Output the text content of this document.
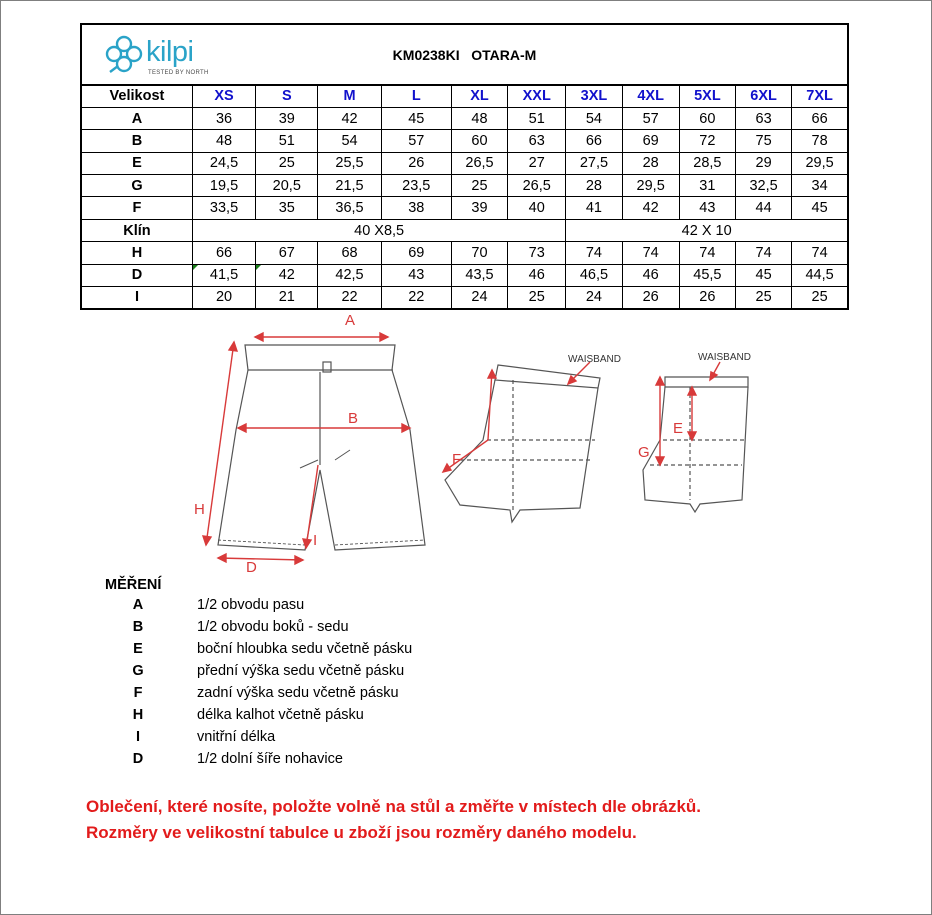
kilpi
TESTED BY NORTH
KM0238KI   OTARA-M
Velikost	XS	S	M	L	XL	XXL	3XL	4XL	5XL	6XL	7XL
A	36	39	42	45	48	51	54	57	60	63	66
B	48	51	54	57	60	63	66	69	72	75	78
E	24,5	25	25,5	26	26,5	27	27,5	28	28,5	29	29,5
G	19,5	20,5	21,5	23,5	25	26,5	28	29,5	31	32,5	34
F	33,5	35	36,5	38	39	40	41	42	43	44	45
Klín	40 X8,5						42 X 10				
H	66	67	68	69	70	73	74	74	74	74	74
D	41,5	42	42,5	43	43,5	46	46,5	46	45,5	45	44,5
I	20	21	22	22	24	25	24	26	26	25	25
A
B
H
I
D
F
WAISBAND
G
E
WAISBAND
MĚŘENÍ
A	1/2 obvodu pasu
B	1/2 obvodu boků - sedu
E	boční hloubka sedu včetně pásku
G	přední výška sedu včetně pásku
F	zadní výška sedu včetně pásku
H	délka kalhot včetně pásku
I	vnitřní délka
D	1/2 dolní šíře nohavice
Oblečení, které nosíte, položte volně na stůl a změřte v místech dle obrázků.
Rozměry ve velikostní tabulce u zboží jsou rozměry daného modelu.
